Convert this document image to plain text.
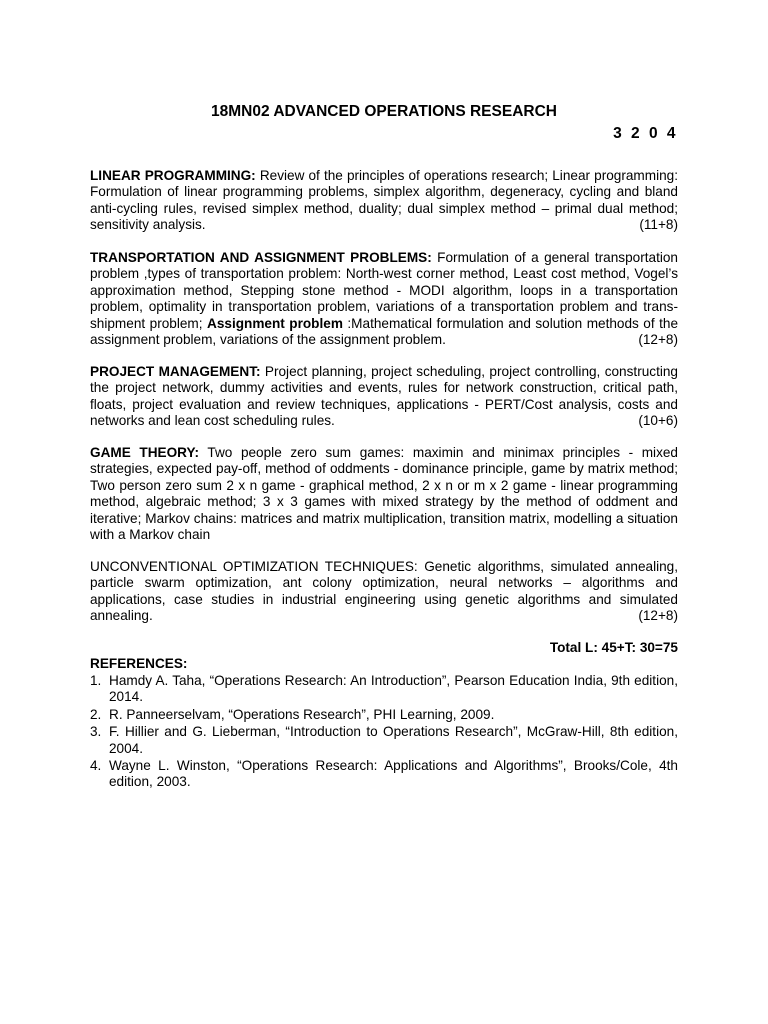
18MN02 ADVANCED OPERATIONS RESEARCH
3 2 0 4

LINEAR PROGRAMMING: Review of the principles of operations research; Linear programming: Formulation of linear programming problems, simplex algorithm, degeneracy, cycling and bland anti-cycling rules, revised simplex method, duality; dual simplex method – primal dual method; sensitivity analysis.	(11+8)

TRANSPORTATION AND ASSIGNMENT PROBLEMS: Formulation of a general transportation problem ,types of transportation problem: North-west corner method, Least cost method, Vogel’s approximation method, Stepping stone method - MODI algorithm, loops in a transportation problem, optimality in transportation problem, variations of a transportation problem and trans-shipment problem; Assignment problem :Mathematical formulation and solution methods of the assignment problem, variations of the assignment problem.	(12+8)

PROJECT MANAGEMENT: Project planning, project scheduling, project controlling, constructing the project network, dummy activities and events, rules for network construction, critical path, floats, project evaluation and review techniques, applications - PERT/Cost analysis, costs and networks and lean cost scheduling rules.	(10+6)

GAME THEORY: Two people zero sum games: maximin and minimax principles - mixed strategies, expected pay-off, method of oddments - dominance principle, game by matrix method; Two person zero sum 2 x n game - graphical method, 2 x n or m x 2 game - linear programming method, algebraic method; 3 x 3 games with mixed strategy by the method of oddment and iterative; Markov chains: matrices and matrix multiplication, transition matrix, modelling a situation with a Markov chain

UNCONVENTIONAL OPTIMIZATION TECHNIQUES: Genetic algorithms, simulated annealing, particle swarm optimization, ant colony optimization, neural networks – algorithms and applications, case studies in industrial engineering using genetic algorithms and simulated annealing.	(12+8)

Total L: 45+T: 30=75
REFERENCES:
1. Hamdy A. Taha, “Operations Research: An Introduction”, Pearson Education India, 9th edition, 2014.
2. R. Panneerselvam, “Operations Research”, PHI Learning, 2009.
3. F. Hillier and G. Lieberman, “Introduction to Operations Research”, McGraw-Hill, 8th edition, 2004.
4. Wayne L. Winston, “Operations Research: Applications and Algorithms”, Brooks/Cole, 4th edition, 2003.
